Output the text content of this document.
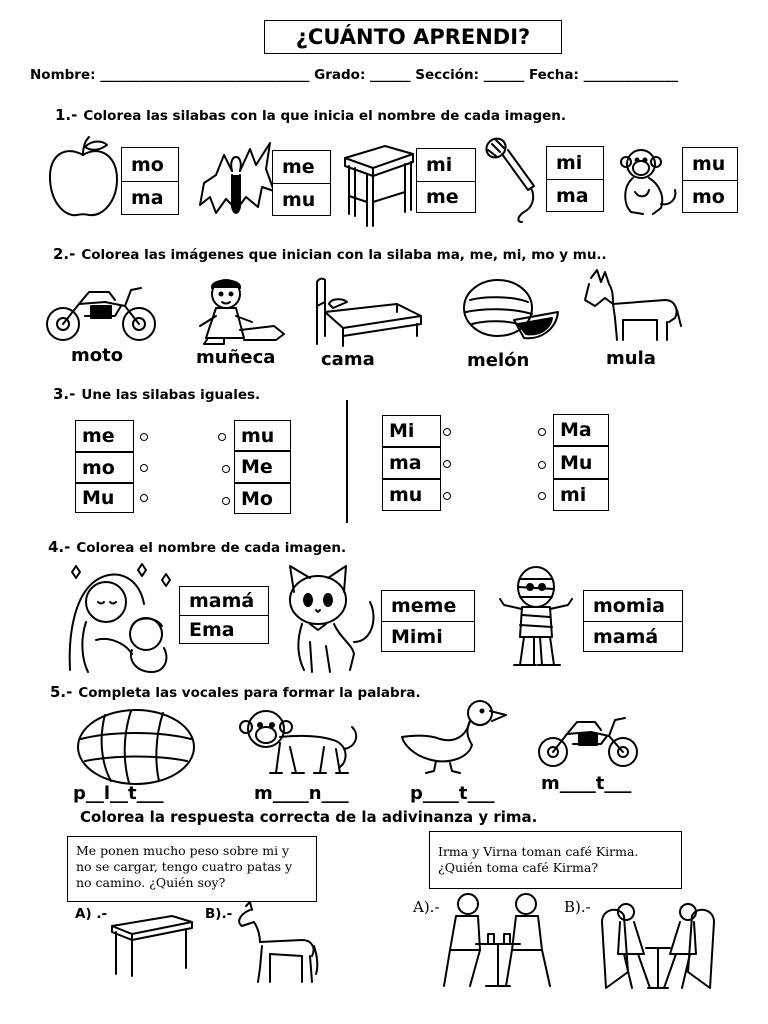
¿CUÁNTO APRENDI?
Nombre: _______________________________ Grado: ______ Sección: ______ Fecha: ______________
1.- Colorea las silabas con la que inicia el nombre de cada imagen.
mo
ma
me
mu
mi
me
mi
ma
mu
mo
2.- Colorea las imágenes que inician con la silaba ma, me, mi, mo y mu..
moto	muñeca	cama	melón	mula
3.- Une las silabas iguales.
me
mo
Mu
mu
Me
Mo
Mi
ma
mu
Ma
Mu
mi
4.- Colorea el nombre de cada imagen.
mamá
Ema
meme
Mimi
momia
mamá
5.- Completa las vocales para formar la palabra.
p__l__t___	m____n___	p____t___	m____t___
Colorea la respuesta correcta de la adivinanza y rima.
Me ponen mucho peso sobre mi y no se cargar, tengo cuatro patas y no camino. ¿Quién soy?
A) .-	B).-
Irma y Virna toman café Kirma.
¿Quién toma café Kirma?
A).-	B).-
